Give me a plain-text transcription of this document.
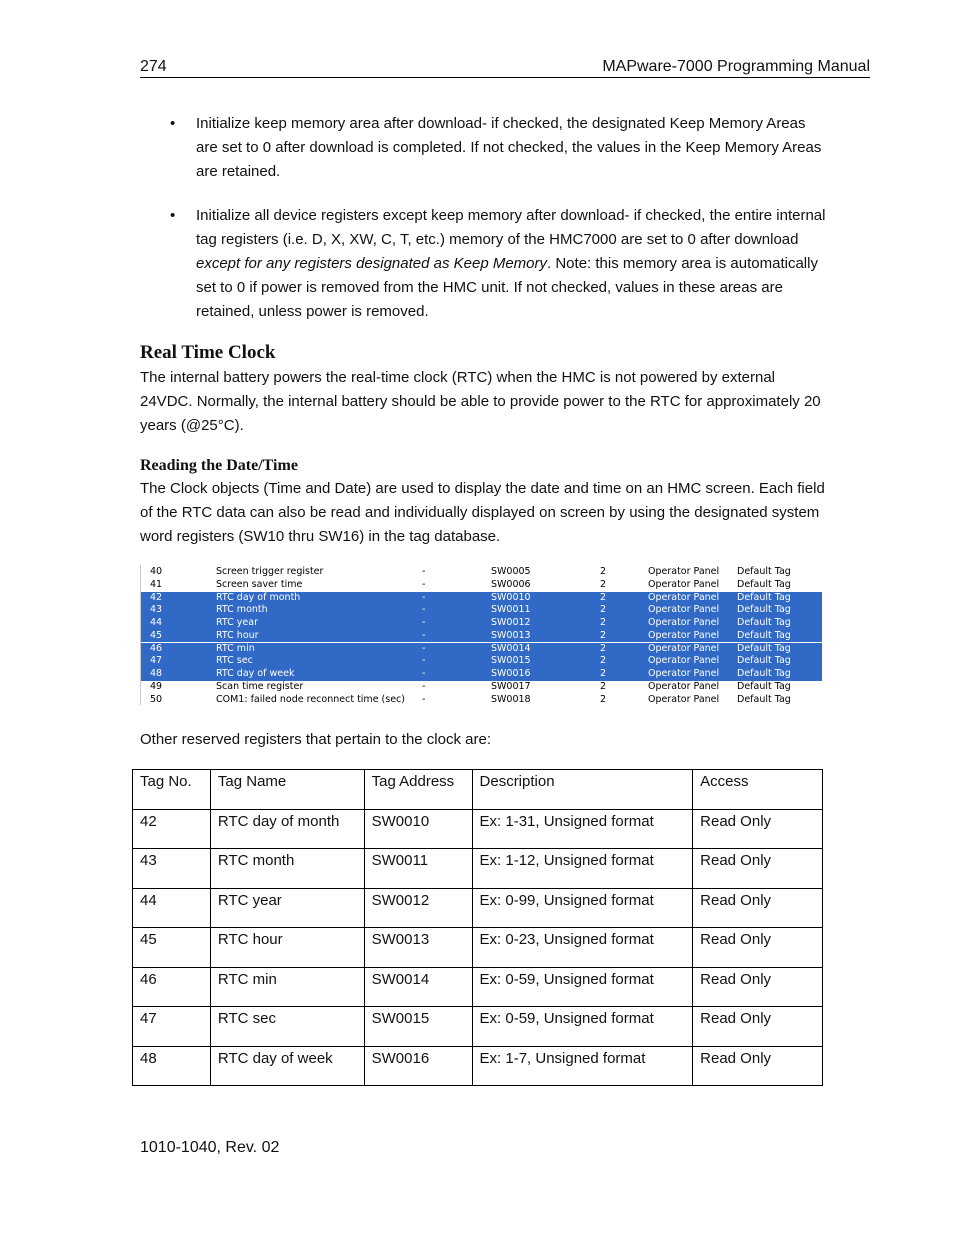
274	MAPware-7000 Programming Manual
• Initialize keep memory area after download- if checked, the designated Keep Memory Areas are set to 0 after download is completed. If not checked, the values in the Keep Memory Areas are retained.
• Initialize all device registers except keep memory after download- if checked, the entire internal tag registers (i.e. D, X, XW, C, T, etc.) memory of the HMC7000 are set to 0 after download except for any registers designated as Keep Memory. Note: this memory area is automatically set to 0 if power is removed from the HMC unit. If not checked, values in these areas are retained, unless power is removed.
Real Time Clock

The internal battery powers the real-time clock (RTC) when the HMC is not powered by external 24VDC. Normally, the internal battery should be able to provide power to the RTC for approximately 20 years (@25°C).

Reading the Date/Time

The Clock objects (Time and Date) are used to display the date and time on an HMC screen. Each field of the RTC data can also be read and individually displayed on screen by using the designated system word registers (SW10 thru SW16) in the tag database.

40	Screen trigger register	-	SW0005	2	Operator Panel Default Tag
41	Screen saver time	-	SW0006	2	Operator Panel Default Tag
42	RTC day of month	-	SW0010	2	Operator Panel Default Tag
43	RTC month	-	SW0011	2	Operator Panel Default Tag
44	RTC year	-	SW0012	2	Operator Panel Default Tag
45	RTC hour	-	SW0013	2	Operator Panel Default Tag
46	RTC min	-	SW0014	2	Operator Panel Default Tag
47	RTC sec	-	SW0015	2	Operator Panel Default Tag
48	RTC day of week	-	SW0016	2	Operator Panel Default Tag
49	Scan time register	-	SW0017	2	Operator Panel Default Tag
50	COM1: failed node reconnect time (sec) -	SW0018	2	Operator Panel Default Tag

Other reserved registers that pertain to the clock are:

Tag No.	Tag Name	Tag Address	Description	Access
42	RTC day of month	SW0010	Ex: 1-31, Unsigned format	Read Only
43	RTC month	SW0011	Ex: 1-12, Unsigned format	Read Only
44	RTC year	SW0012	Ex: 0-99, Unsigned format	Read Only
45	RTC hour	SW0013	Ex: 0-23, Unsigned format	Read Only
46	RTC min	SW0014	Ex: 0-59, Unsigned format	Read Only
47	RTC sec	SW0015	Ex: 0-59, Unsigned format	Read Only
48	RTC day of week	SW0016	Ex: 1-7, Unsigned format	Read Only
1010-1040, Rev. 02
